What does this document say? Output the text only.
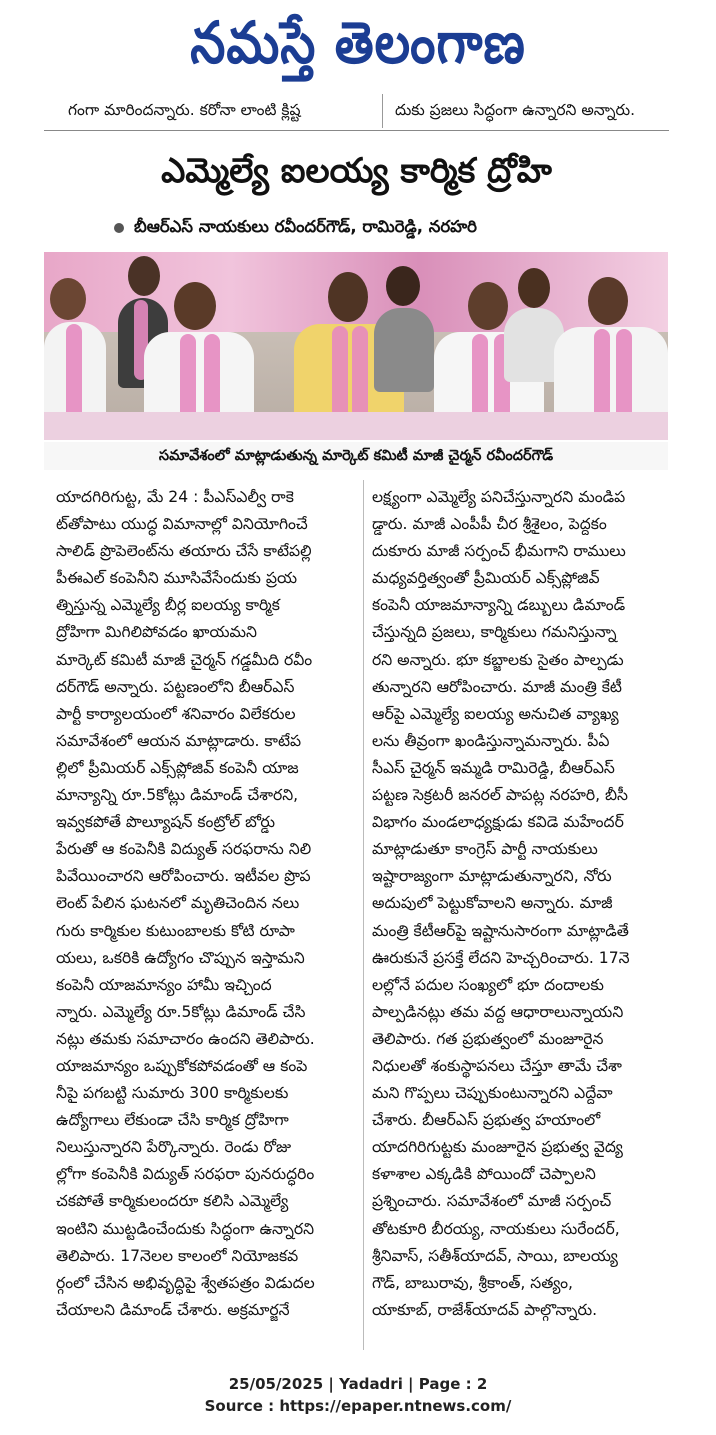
నమస్తే తెలంగాణ
గంగా మారిందన్నారు. కరోనా లాంటి క్లిష్ట	దుకు ప్రజలు సిద్ధంగా ఉన్నారని అన్నారు.
ఎమ్మెల్యే ఐలయ్య కార్మిక ద్రోహి
బీఆర్ఎస్ నాయకులు రవీందర్‌గౌడ్, రామిరెడ్డి, నరహరి
సమావేశంలో మాట్లాడుతున్న మార్కెట్ కమిటీ మాజీ చైర్మన్ రవీందర్‌గౌడ్

యాదగిరిగుట్ట, మే 24 : పీఎస్ఎల్వీ రాకె

ట్‌తోపాటు యుద్ధ విమానాల్లో వినియోగించే

సాలిడ్ ప్రొపెలెంట్‌ను తయారు చేసే కాటేపల్లి

పీఈఎల్ కంపెనీని మూసివేసేందుకు ప్రయ

త్నిస్తున్న ఎమ్మెల్యే బీర్ల ఐలయ్య కార్మిక

ద్రోహిగా మిగిలిపోవడం ఖాయమని

మార్కెట్ కమిటీ మాజీ చైర్మన్ గడ్డమీది రవీం

దర్‌గౌడ్ అన్నారు. పట్టణంలోని బీఆర్ఎస్

పార్టీ కార్యాలయంలో శనివారం విలేకరుల

సమావేశంలో ఆయన మాట్లాడారు. కాటేప

ల్లిలో ప్రీమియర్ ఎక్స్‌ప్లోజివ్ కంపెనీ యాజ

మాన్యాన్ని రూ.5కోట్లు డిమాండ్ చేశారని,

ఇవ్వకపోతే పొల్యూషన్ కంట్రోల్ బోర్డు

పేరుతో ఆ కంపెనీకి విద్యుత్ సరఫరాను నిలి

పివేయించారని ఆరోపించారు. ఇటీవల ప్రొప

లెంట్ పేలిన ఘటనలో మృతిచెందిన నలు

గురు కార్మికుల కుటుంబాలకు కోటి రూపా

యలు, ఒకరికి ఉద్యోగం చొప్పున ఇస్తామని

కంపెనీ యాజమాన్యం హామీ ఇచ్చింద

న్నారు. ఎమ్మెల్యే రూ.5కోట్లు డిమాండ్ చేసి

నట్లు తమకు సమాచారం ఉందని తెలిపారు.

యాజమాన్యం ఒప్పుకోకపోవడంతో ఆ కంపె

నీపై పగబట్టి సుమారు 300 కార్మికులకు

ఉద్యోగాలు లేకుండా చేసి కార్మిక ద్రోహిగా

నిలుస్తున్నారని పేర్కొన్నారు. రెండు రోజు

ల్లోగా కంపెనీకి విద్యుత్ సరఫరా పునరుద్ధరిం

చకపోతే కార్మికులందరూ కలిసి ఎమ్మెల్యే

ఇంటిని ముట్టడించేందుకు సిద్ధంగా ఉన్నారని

తెలిపారు. 17నెలల కాలంలో నియోజకవ

ర్గంలో చేసిన అభివృద్ధిపై శ్వేతపత్రం విడుదల

చేయాలని డిమాండ్ చేశారు. అక్రమార్జనే

లక్ష్యంగా ఎమ్మెల్యే పనిచేస్తున్నారని మండిప

డ్డారు. మాజీ ఎంపీపీ చీర శ్రీశైలం, పెద్దకం

దుకూరు మాజీ సర్పంచ్ భీమగాని రాములు

మధ్యవర్తిత్వంతో ప్రీమియర్ ఎక్స్‌ప్లోజివ్

కంపెనీ యాజమాన్యాన్ని డబ్బులు డిమాండ్

చేస్తున్నది ప్రజలు, కార్మికులు గమనిస్తున్నా

రని అన్నారు. భూ కబ్జాలకు సైతం పాల్పడు

తున్నారని ఆరోపించారు. మాజీ మంత్రి కేటీ

ఆర్‌పై ఎమ్మెల్యే ఐలయ్య అనుచిత వ్యాఖ్య

లను తీవ్రంగా ఖండిస్తున్నామన్నారు. పీఏ

సీఎస్ చైర్మన్ ఇమ్మడి రామిరెడ్డి, బీఆర్ఎస్

పట్టణ సెక్రటరీ జనరల్ పాపట్ల నరహరి, బీసీ

విభాగం మండలాధ్యక్షుడు కవిడె మహేందర్

మాట్లాడుతూ కాంగ్రెస్ పార్టీ నాయకులు

ఇష్టారాజ్యంగా మాట్లాడుతున్నారని, నోరు

అదుపులో పెట్టుకోవాలని అన్నారు. మాజీ

మంత్రి కేటీఆర్‌పై ఇష్టానుసారంగా మాట్లాడితే

ఊరుకునే ప్రసక్తే లేదని హెచ్చరించారు. 17నె

లల్లోనే పదుల సంఖ్యలో భూ దందాలకు

పాల్పడినట్లు తమ వద్ద ఆధారాలున్నాయని

తెలిపారు. గత ప్రభుత్వంలో మంజూరైన

నిధులతో శంకుస్థాపనలు చేస్తూ తామే చేశా

మని గొప్పలు చెప్పుకుంటున్నారని ఎద్దేవా

చేశారు. బీఆర్ఎస్ ప్రభుత్వ హయాంలో

యాదగిరిగుట్టకు మంజూరైన ప్రభుత్వ వైద్య

కళాశాల ఎక్కడికి పోయిందో చెప్పాలని

ప్రశ్నించారు. సమావేశంలో మాజీ సర్పంచ్

తోటకూరి బీరయ్య, నాయకులు సురేందర్,

శ్రీనివాస్, సతీశ్‌యాదవ్, సాయి, బాలయ్య

గౌడ్, బాబురావు, శ్రీకాంత్, సత్యం,

యాకూబ్, రాజేశ్‌యాదవ్ పాల్గొన్నారు.

25/05/2025 | Yadadri | Page : 2
Source : https://epaper.ntnews.com/
